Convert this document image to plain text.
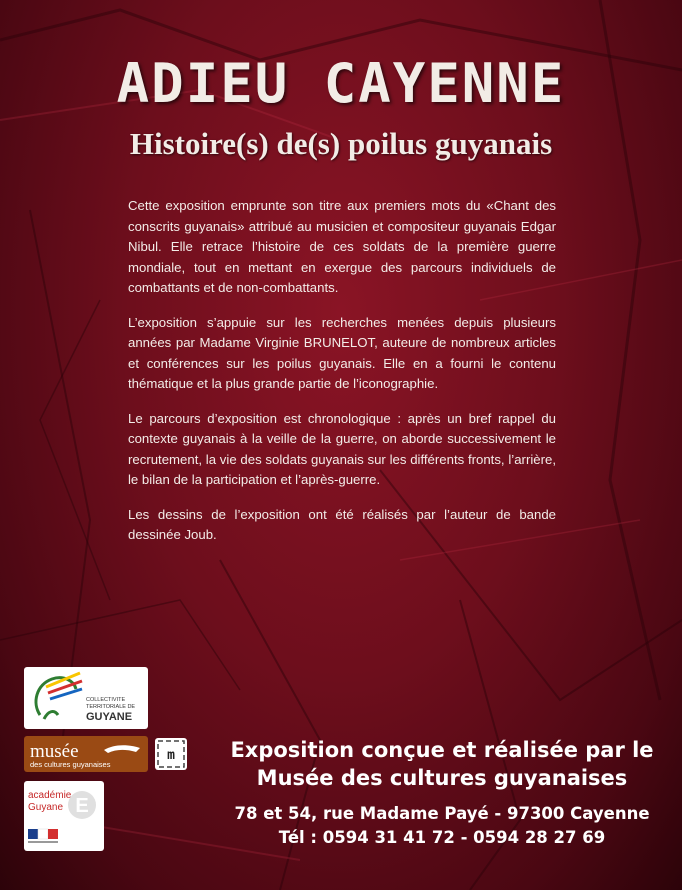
ADIEU CAYENNE
Histoire(s) de(s) poilus guyanais

Cette exposition emprunte son titre aux premiers mots du «Chant des conscrits guyanais» attribué au musicien et compositeur guyanais Edgar Nibul. Elle retrace l’histoire de ces soldats de la première guerre mondiale, tout en mettant en exergue des parcours individuels de combattants et de non-combattants.

L’exposition s’appuie sur les recherches menées depuis plusieurs années par Madame Virginie BRUNELOT, auteure de nombreux articles et conférences sur les poilus guyanais. Elle en a fourni le contenu thématique et la plus grande partie de l’iconographie.

Le parcours d’exposition est chronologique : après un bref rappel du contexte guyanais à la veille de la guerre, on aborde successivement le recrutement, la vie des soldats guyanais sur les différents fronts, l’arrière, le bilan de la participation et l’après-guerre.

Les dessins de l’exposition ont été réalisés par l’auteur de bande dessinée Joub.

COLLECTIVITE
TERRITORIALE DE
GUYANE
musée
des cultures guyanaises
m
académie
Guyane E
Exposition conçue et réalisée par le
Musée des cultures guyanaises
78 et 54, rue Madame Payé - 97300 Cayenne
Tél : 0594 31 41 72 - 0594 28 27 69
